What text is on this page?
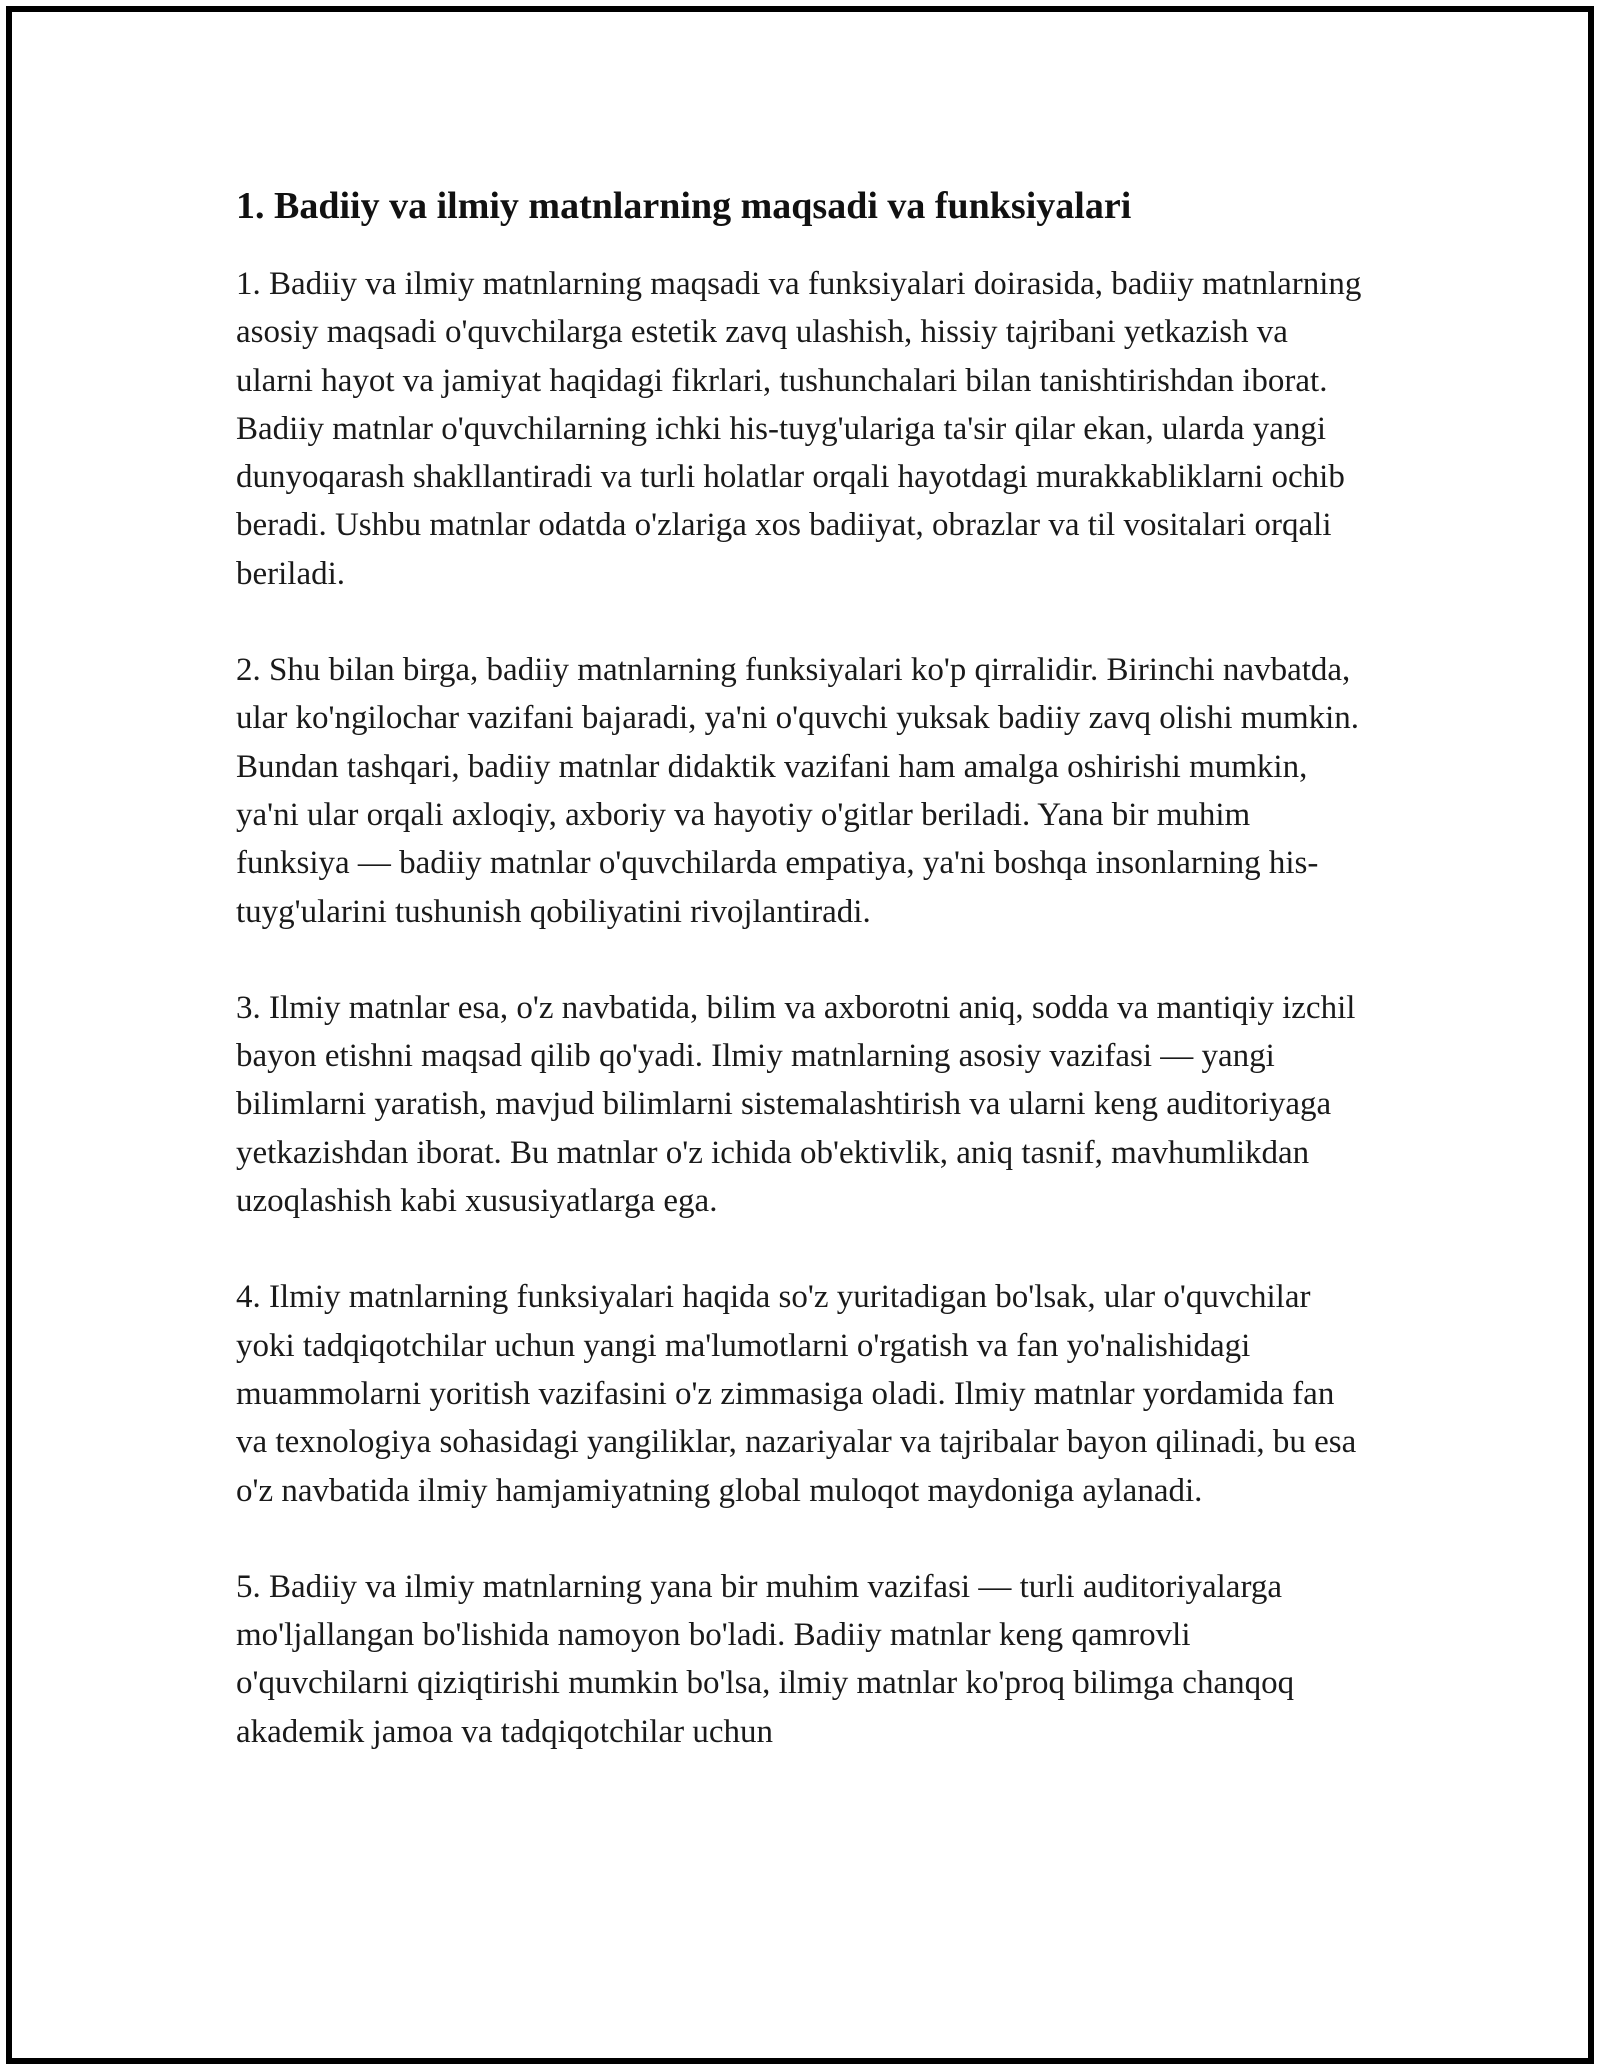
1. Badiiy va ilmiy matnlarning maqsadi va funksiyalari

1. Badiiy va ilmiy matnlarning maqsadi va funksiyalari doirasida, badiiy matnlarning asosiy maqsadi o'quvchilarga estetik zavq ulashish, hissiy tajribani yetkazish va ularni hayot va jamiyat haqidagi fikrlari, tushunchalari bilan tanishtirishdan iborat. Badiiy matnlar o'quvchilarning ichki his-tuyg'ulariga ta'sir qilar ekan, ularda yangi dunyoqarash shakllantiradi va turli holatlar orqali hayotdagi murakkabliklarni ochib beradi. Ushbu matnlar odatda o'zlariga xos badiiyat, obrazlar va til vositalari orqali beriladi.

2. Shu bilan birga, badiiy matnlarning funksiyalari ko'p qirralidir. Birinchi navbatda, ular ko'ngilochar vazifani bajaradi, ya'ni o'quvchi yuksak badiiy zavq olishi mumkin. Bundan tashqari, badiiy matnlar didaktik vazifani ham amalga oshirishi mumkin, ya'ni ular orqali axloqiy, axboriy va hayotiy o'gitlar beriladi. Yana bir muhim funksiya — badiiy matnlar o'quvchilarda empatiya, ya'ni boshqa insonlarning his-tuyg'ularini tushunish qobiliyatini rivojlantiradi.

3. Ilmiy matnlar esa, o'z navbatida, bilim va axborotni aniq, sodda va mantiqiy izchil bayon etishni maqsad qilib qo'yadi. Ilmiy matnlarning asosiy vazifasi — yangi bilimlarni yaratish, mavjud bilimlarni sistemalashtirish va ularni keng auditoriyaga yetkazishdan iborat. Bu matnlar o'z ichida ob'ektivlik, aniq tasnif, mavhumlikdan uzoqlashish kabi xususiyatlarga ega.

4. Ilmiy matnlarning funksiyalari haqida so'z yuritadigan bo'lsak, ular o'quvchilar yoki tadqiqotchilar uchun yangi ma'lumotlarni o'rgatish va fan yo'nalishidagi muammolarni yoritish vazifasini o'z zimmasiga oladi. Ilmiy matnlar yordamida fan va texnologiya sohasidagi yangiliklar, nazariyalar va tajribalar bayon qilinadi, bu esa o'z navbatida ilmiy hamjamiyatning global muloqot maydoniga aylanadi.

5. Badiiy va ilmiy matnlarning yana bir muhim vazifasi — turli auditoriyalarga mo'ljallangan bo'lishida namoyon bo'ladi. Badiiy matnlar keng qamrovli o'quvchilarni qiziqtirishi mumkin bo'lsa, ilmiy matnlar ko'proq bilimga chanqoq akademik jamoa va tadqiqotchilar uchun
